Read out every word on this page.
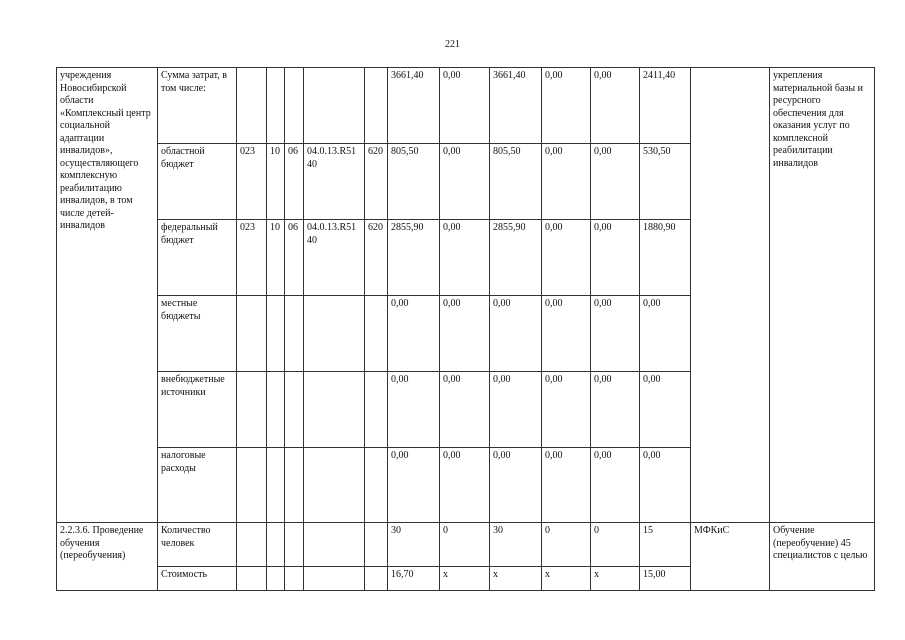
221
учреждения Новосибирской области «Комплексный центр социальной адаптации инвалидов», осуществляющего комплексную реабилитацию инвалидов, в том числе детей-инвалидов	Сумма затрат, в том числе:						3661,40	0,00	3661,40	0,00	0,00	2411,40		укрепления материальной базы и ресурсного обеспечения для оказания услуг по комплексной реабилитации инвалидов
	областной бюджет	023	10	06	04.0.13.R5140	620	805,50	0,00	805,50	0,00	0,00	530,50		
	федеральный бюджет	023	10	06	04.0.13.R5140	620	2855,90	0,00	2855,90	0,00	0,00	1880,90		
	местные бюджеты						0,00	0,00	0,00	0,00	0,00	0,00		
	внебюджетные источники						0,00	0,00	0,00	0,00	0,00	0,00		
	налоговые расходы						0,00	0,00	0,00	0,00	0,00	0,00		
2.2.3.6. Проведение обучения (переобучения)	Количество человек						30	0	30	0	0	15	МФКиС	Обучение (переобучение) 45 специалистов с целью
	Стоимость						16,70	х	х	х	х	15,00		
